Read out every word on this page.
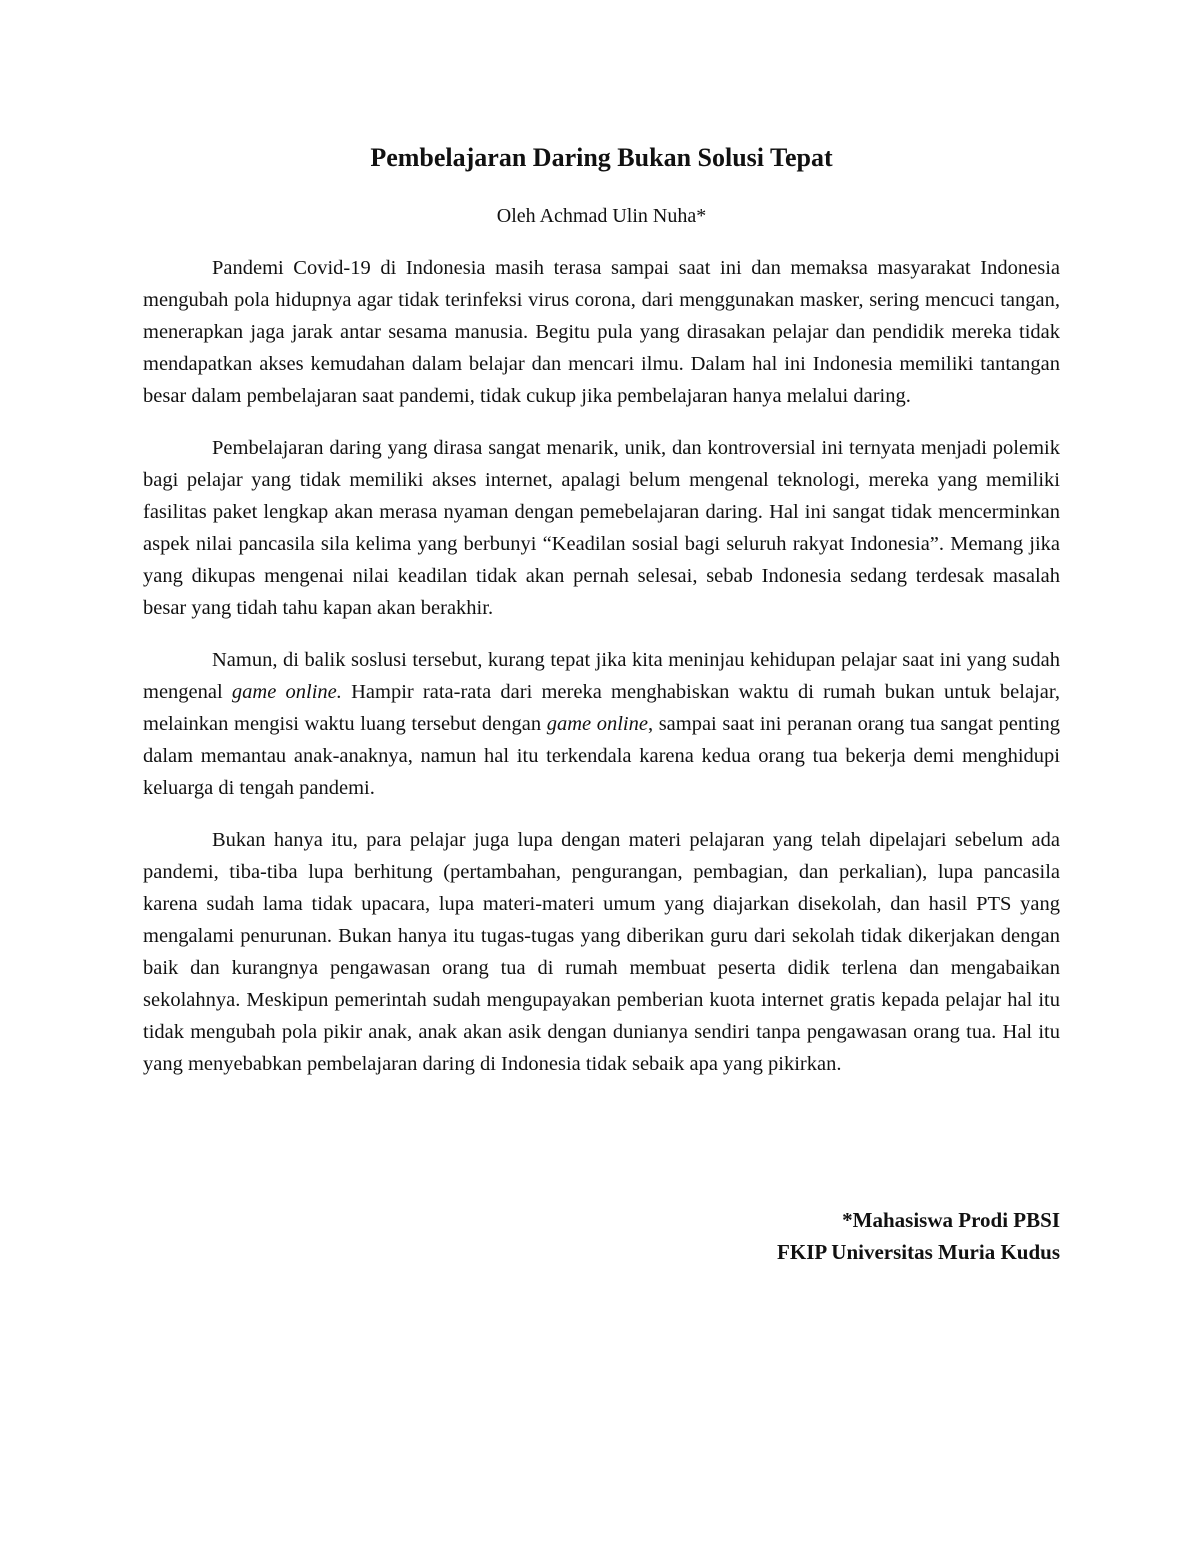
Pembelajaran Daring Bukan Solusi Tepat

Oleh Achmad Ulin Nuha*

Pandemi Covid-19 di Indonesia masih terasa sampai saat ini dan memaksa masyarakat Indonesia mengubah pola hidupnya agar tidak terinfeksi virus corona, dari menggunakan masker, sering mencuci tangan, menerapkan jaga jarak antar sesama manusia. Begitu pula yang dirasakan pelajar dan pendidik mereka tidak mendapatkan akses kemudahan dalam belajar dan mencari ilmu. Dalam hal ini Indonesia memiliki tantangan besar dalam pembelajaran saat pandemi, tidak cukup jika pembelajaran hanya melalui daring.

Pembelajaran daring yang dirasa sangat menarik, unik, dan kontroversial ini ternyata menjadi polemik bagi pelajar yang tidak memiliki akses internet, apalagi belum mengenal teknologi, mereka yang memiliki fasilitas paket lengkap akan merasa nyaman dengan pemebelajaran daring. Hal ini sangat tidak mencerminkan aspek nilai pancasila sila kelima yang berbunyi “Keadilan sosial bagi seluruh rakyat Indonesia”. Memang jika yang dikupas mengenai nilai keadilan tidak akan pernah selesai, sebab Indonesia sedang terdesak masalah besar yang tidah tahu kapan akan berakhir.

Namun, di balik soslusi tersebut, kurang tepat jika kita meninjau kehidupan pelajar saat ini yang sudah mengenal game online. Hampir rata-rata dari mereka menghabiskan waktu di rumah bukan untuk belajar, melainkan mengisi waktu luang tersebut dengan game online, sampai saat ini peranan orang tua sangat penting dalam memantau anak-anaknya, namun hal itu terkendala karena kedua orang tua bekerja demi menghidupi keluarga di tengah pandemi.

Bukan hanya itu, para pelajar juga lupa dengan materi pelajaran yang telah dipelajari sebelum ada pandemi, tiba-tiba lupa berhitung (pertambahan, pengurangan, pembagian, dan perkalian), lupa pancasila karena sudah lama tidak upacara, lupa materi-materi umum yang diajarkan disekolah, dan hasil PTS yang mengalami penurunan. Bukan hanya itu tugas-tugas yang diberikan guru dari sekolah tidak dikerjakan dengan baik dan kurangnya pengawasan orang tua di rumah membuat peserta didik terlena dan mengabaikan sekolahnya. Meskipun pemerintah sudah mengupayakan pemberian kuota internet gratis kepada pelajar hal itu tidak mengubah pola pikir anak, anak akan asik dengan dunianya sendiri tanpa pengawasan orang tua. Hal itu yang menyebabkan pembelajaran daring di Indonesia tidak sebaik apa yang pikirkan.

*Mahasiswa Prodi PBSI
FKIP Universitas Muria Kudus
